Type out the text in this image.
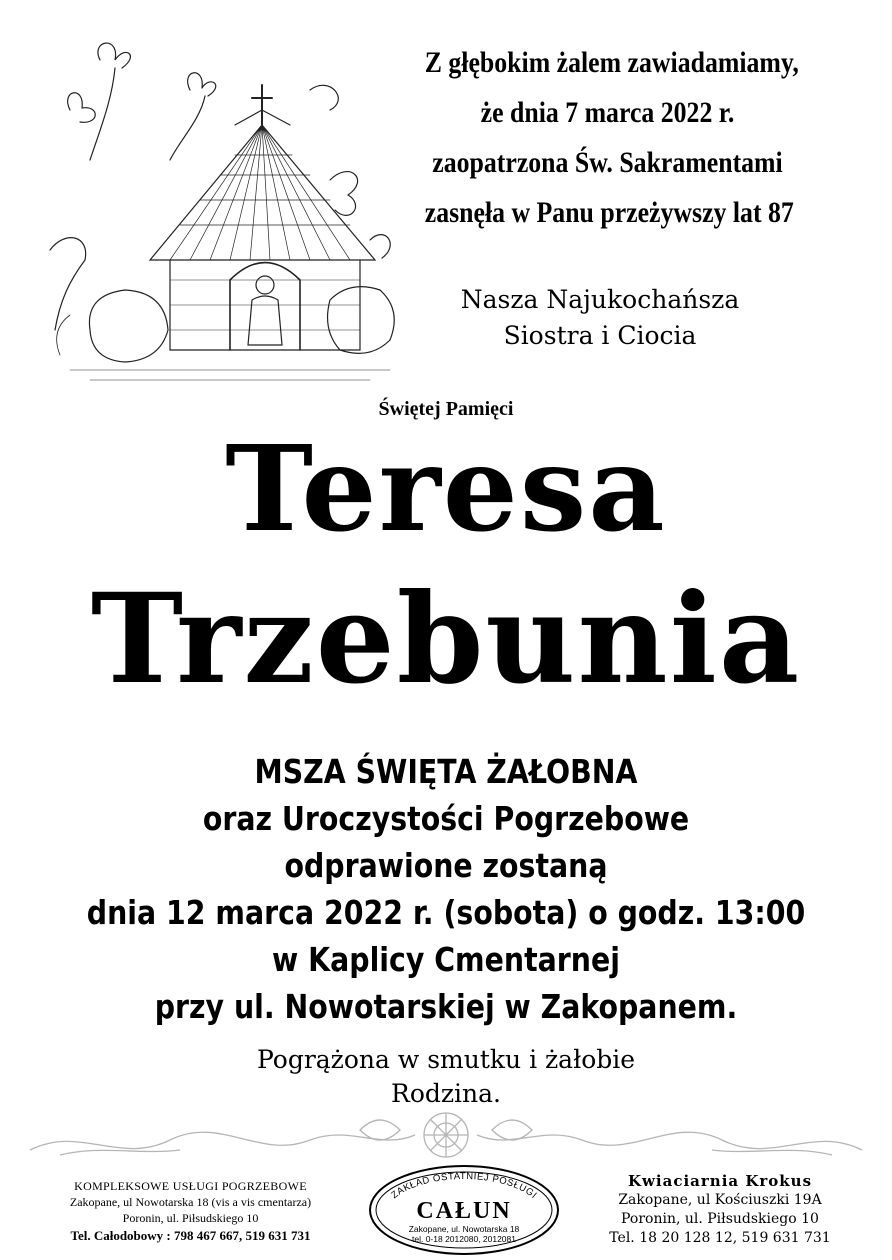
Z głębokim żalem zawiadamiamy,
że dnia 7 marca 2022 r.
zaopatrzona Św. Sakramentami
zasnęła w Panu przeżywszy lat 87
Nasza Najukochańsza
Siostra i Ciocia
Świętej Pamięci
Teresa
Trzebunia
MSZA ŚWIĘTA ŻAŁOBNA
oraz Uroczystości Pogrzebowe
odprawione zostaną
dnia 12 marca 2022 r. (sobota) o godz. 13:00
w Kaplicy Cmentarnej
przy ul. Nowotarskiej w Zakopanem.
Pogrążona w smutku i żałobie
Rodzina.
KOMPLEKSOWE USŁUGI POGRZEBOWE
Zakopane, ul Nowotarska 18 (vis a vis cmentarza)
Poronin, ul. Piłsudskiego 10
Tel. Całodobowy : 798 467 667, 519 631 731
ZAKŁAD OSTATNIEJ POSŁUGI
CAŁUN
Zakopane, ul. Nowotarska 18
tel. 0-18 2012080, 2012081
Kwiaciarnia Krokus
Zakopane, ul Kościuszki 19A
Poronin, ul. Piłsudskiego 10
Tel. 18 20 128 12, 519 631 731
